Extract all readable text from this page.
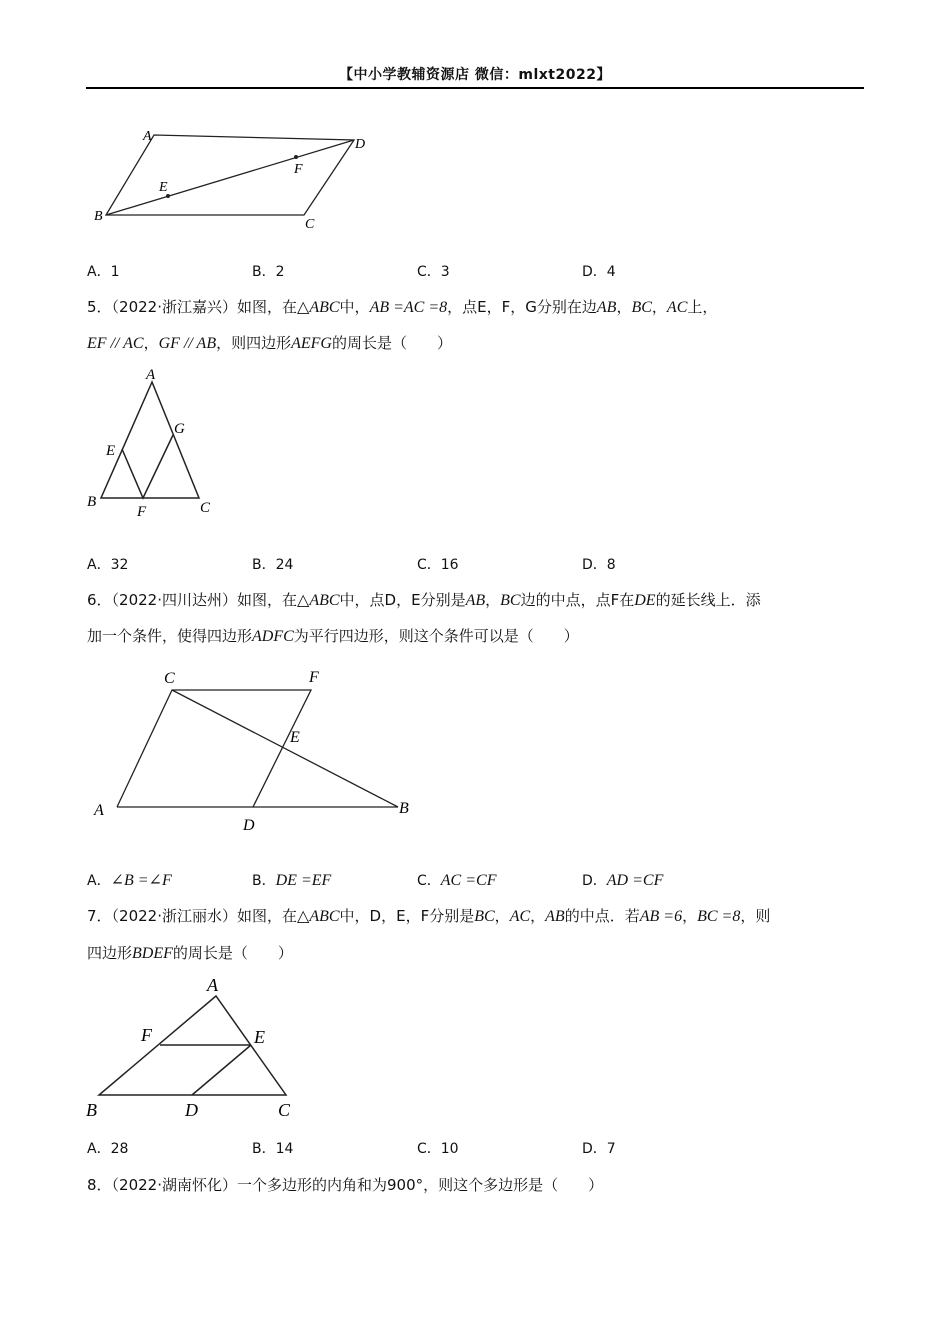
【中小学教辅资源店 微信：mlxt2022】
A
D
B
C
E
F
A．1	B．2	C．3	D．4
5．（2022·浙江嘉兴）如图，在△ABC中，AB =AC =8，点E，F，G分别在边AB，BC，AC上，
EF // AC，GF // AB，则四边形AEFG的周长是（　　）
A
E
G
B
F	C
A．32	B．24	C．16	D．8
6．（2022·四川达州）如图，在△ABC中，点D，E分别是AB，BC边的中点，点F在DE的延长线上．添
加一个条件，使得四边形ADFC为平行四边形，则这个条件可以是（　　）
C	F
E
A
D
B
A．∠B =∠F	B．DE =EF	C．AC =CF	D．AD =CF
7．（2022·浙江丽水）如图，在△ABC中，D，E，F分别是BC，AC，AB的中点．若AB =6，BC =8，则
四边形BDEF的周长是（　　）
A
F	E
B	D	C
A．28	B．14	C．10	D．7
8．（2022·湖南怀化）一个多边形的内角和为900°，则这个多边形是（　　）
